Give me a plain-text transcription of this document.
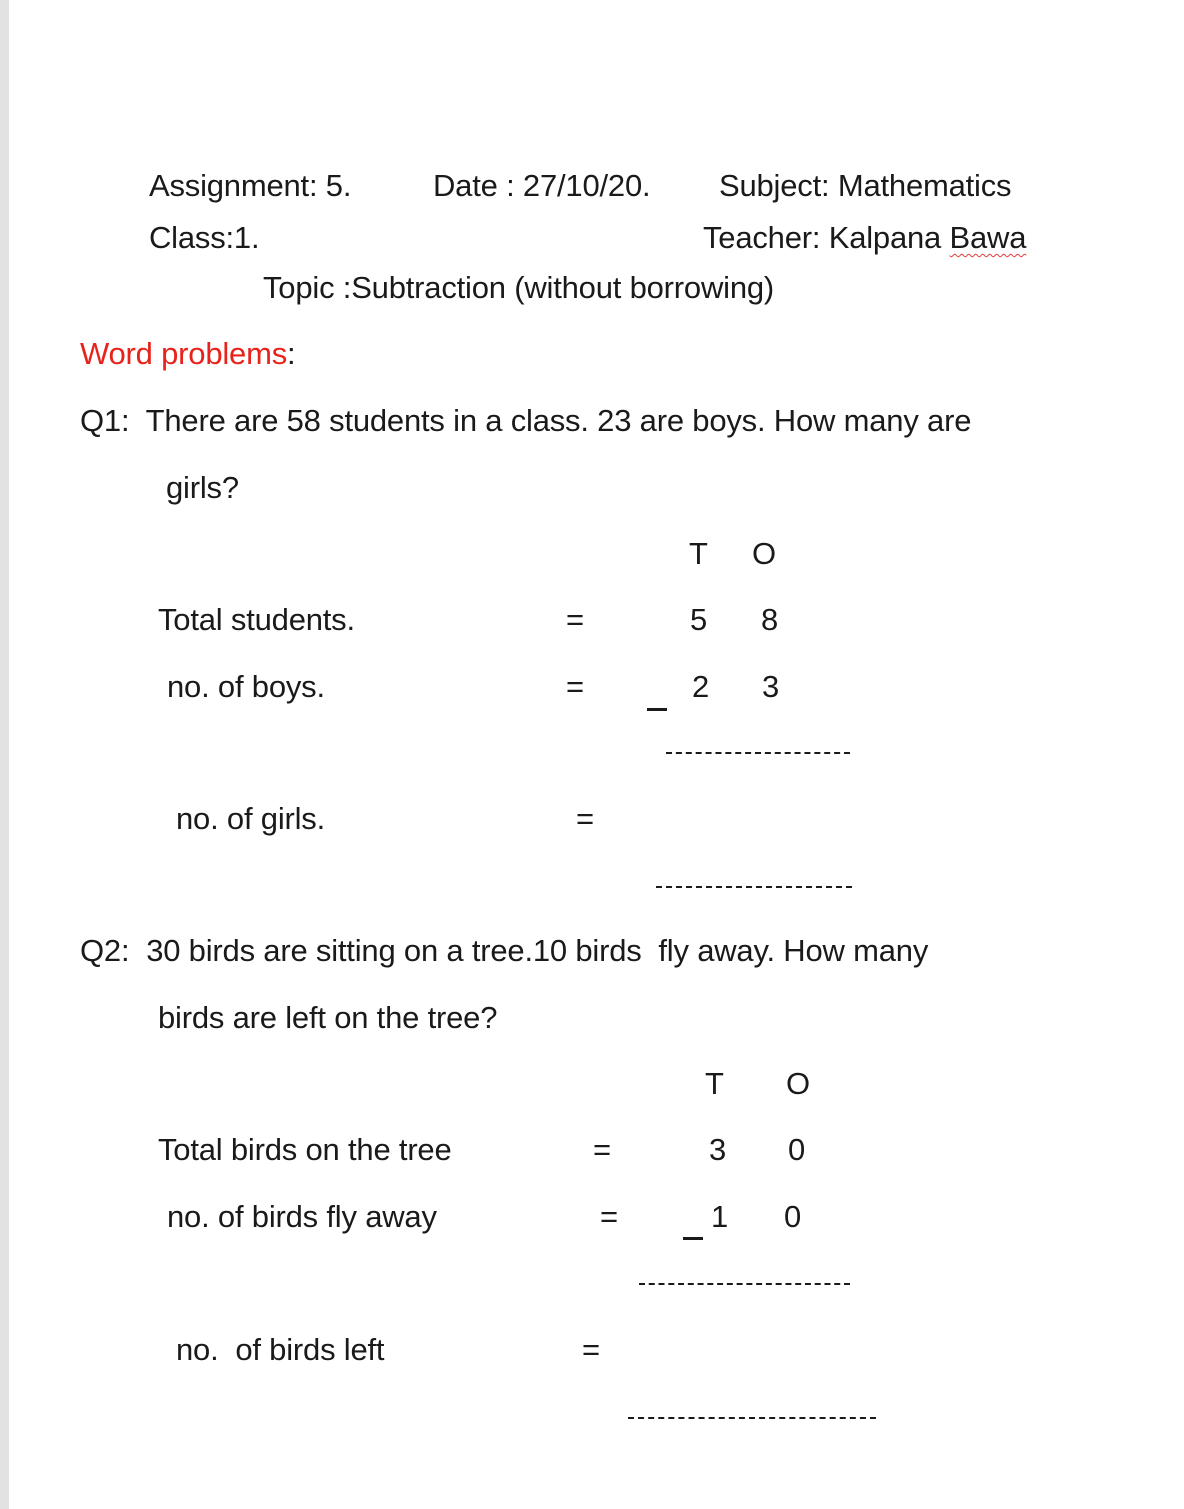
Assignment: 5.	Date : 27/10/20. Subject: Mathematics
Class:1.	Teacher: Kalpana Bawa
Topic :Subtraction (without borrowing)
Word problems:
Q1:  There are 58 students in a class. 23 are boys. How many are
girls?
T O
Total students.	=	5 8
no. of boys.	=	2 3
no. of girls.	=
Q2:  30 birds are sitting on a tree.10 birds  fly away. How many
birds are left on the tree?
T O
Total birds on the tree	=	3 0
no. of birds fly away	=	1 0
no.  of birds left	=
